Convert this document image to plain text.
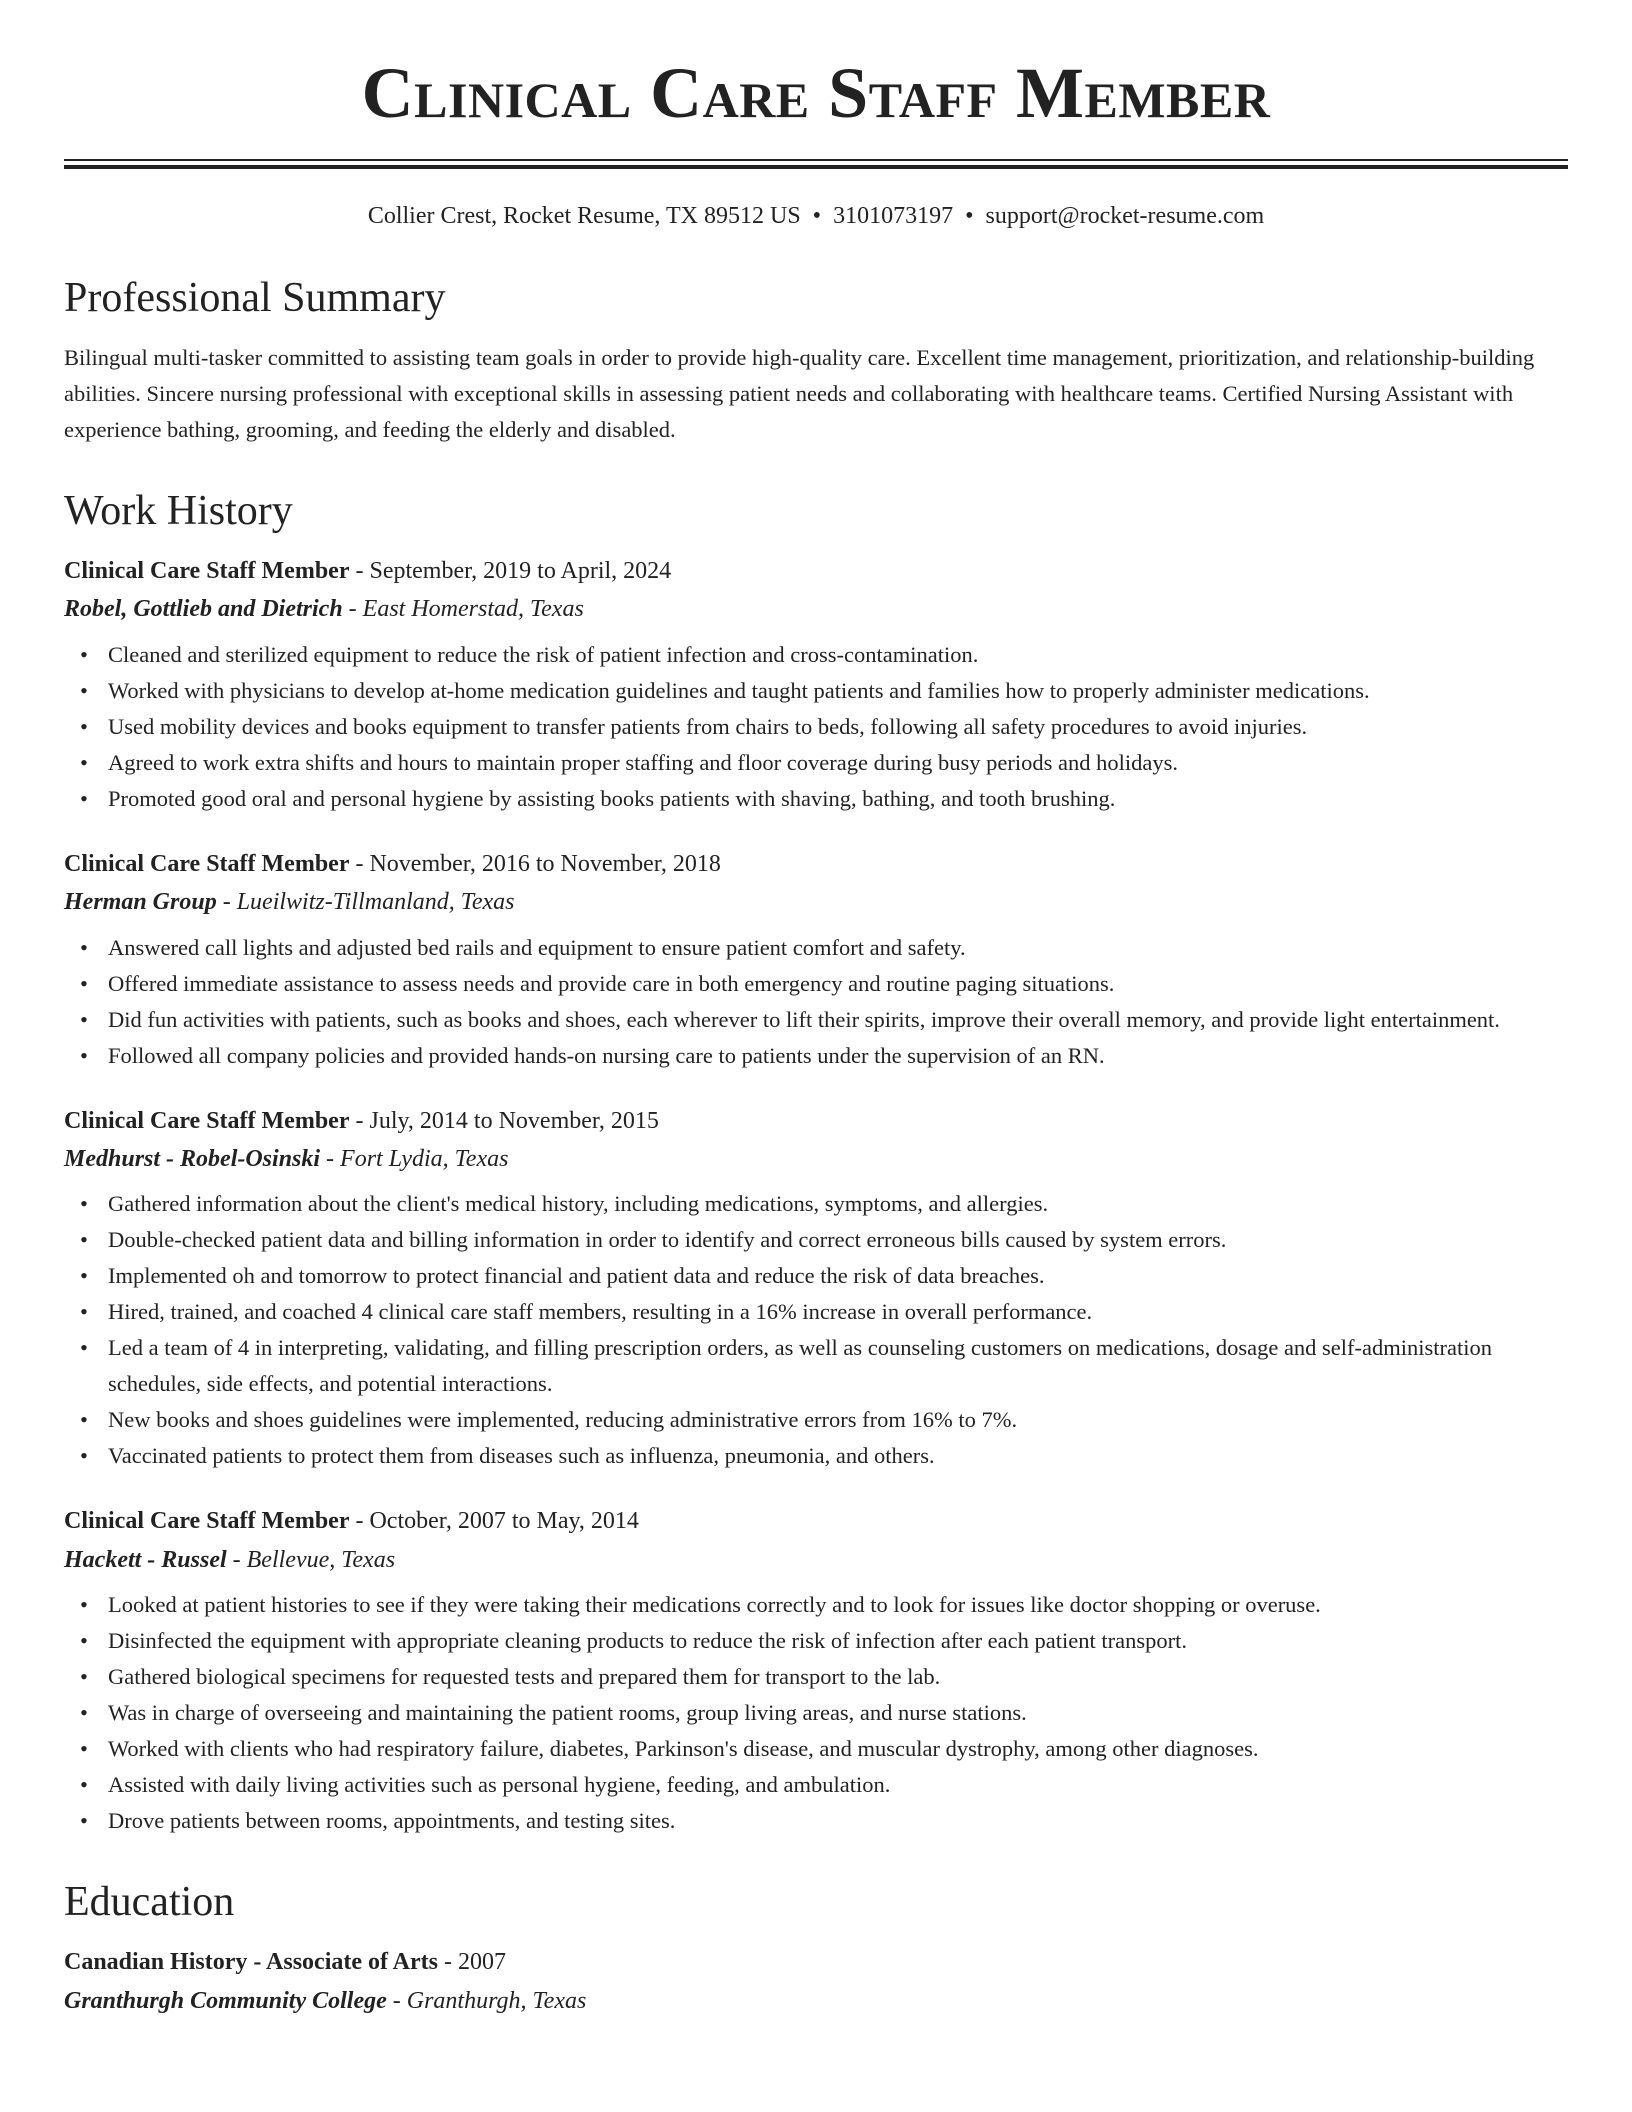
Clinical Care Staff Member

Collier Crest, Rocket Resume, TX 89512 US • 3101073197 • support@rocket-resume.com

Professional Summary

Bilingual multi-tasker committed to assisting team goals in order to provide high-quality care. Excellent time management, prioritization, and relationship-building abilities. Sincere nursing professional with exceptional skills in assessing patient needs and collaborating with healthcare teams. Certified Nursing Assistant with experience bathing, grooming, and feeding the elderly and disabled.

Work History

Clinical Care Staff Member - September, 2019 to April, 2024

Robel, Gottlieb and Dietrich - East Homerstad, Texas

• Cleaned and sterilized equipment to reduce the risk of patient infection and cross-contamination.
• Worked with physicians to develop at-home medication guidelines and taught patients and families how to properly administer medications.
• Used mobility devices and books equipment to transfer patients from chairs to beds, following all safety procedures to avoid injuries.
• Agreed to work extra shifts and hours to maintain proper staffing and floor coverage during busy periods and holidays.
• Promoted good oral and personal hygiene by assisting books patients with shaving, bathing, and tooth brushing.

Clinical Care Staff Member - November, 2016 to November, 2018

Herman Group - Lueilwitz-Tillmanland, Texas

• Answered call lights and adjusted bed rails and equipment to ensure patient comfort and safety.
• Offered immediate assistance to assess needs and provide care in both emergency and routine paging situations.
• Did fun activities with patients, such as books and shoes, each wherever to lift their spirits, improve their overall memory, and provide light entertainment.
• Followed all company policies and provided hands-on nursing care to patients under the supervision of an RN.

Clinical Care Staff Member - July, 2014 to November, 2015

Medhurst - Robel-Osinski - Fort Lydia, Texas

• Gathered information about the client's medical history, including medications, symptoms, and allergies.
• Double-checked patient data and billing information in order to identify and correct erroneous bills caused by system errors.
• Implemented oh and tomorrow to protect financial and patient data and reduce the risk of data breaches.
• Hired, trained, and coached 4 clinical care staff members, resulting in a 16% increase in overall performance.
• Led a team of 4 in interpreting, validating, and filling prescription orders, as well as counseling customers on medications, dosage and self-administration schedules, side effects, and potential interactions.
• New books and shoes guidelines were implemented, reducing administrative errors from 16% to 7%.
• Vaccinated patients to protect them from diseases such as influenza, pneumonia, and others.

Clinical Care Staff Member - October, 2007 to May, 2014

Hackett - Russel - Bellevue, Texas

• Looked at patient histories to see if they were taking their medications correctly and to look for issues like doctor shopping or overuse.
• Disinfected the equipment with appropriate cleaning products to reduce the risk of infection after each patient transport.
• Gathered biological specimens for requested tests and prepared them for transport to the lab.
• Was in charge of overseeing and maintaining the patient rooms, group living areas, and nurse stations.
• Worked with clients who had respiratory failure, diabetes, Parkinson's disease, and muscular dystrophy, among other diagnoses.
• Assisted with daily living activities such as personal hygiene, feeding, and ambulation.
• Drove patients between rooms, appointments, and testing sites.
Education

Canadian History - Associate of Arts - 2007

Granthurgh Community College - Granthurgh, Texas
